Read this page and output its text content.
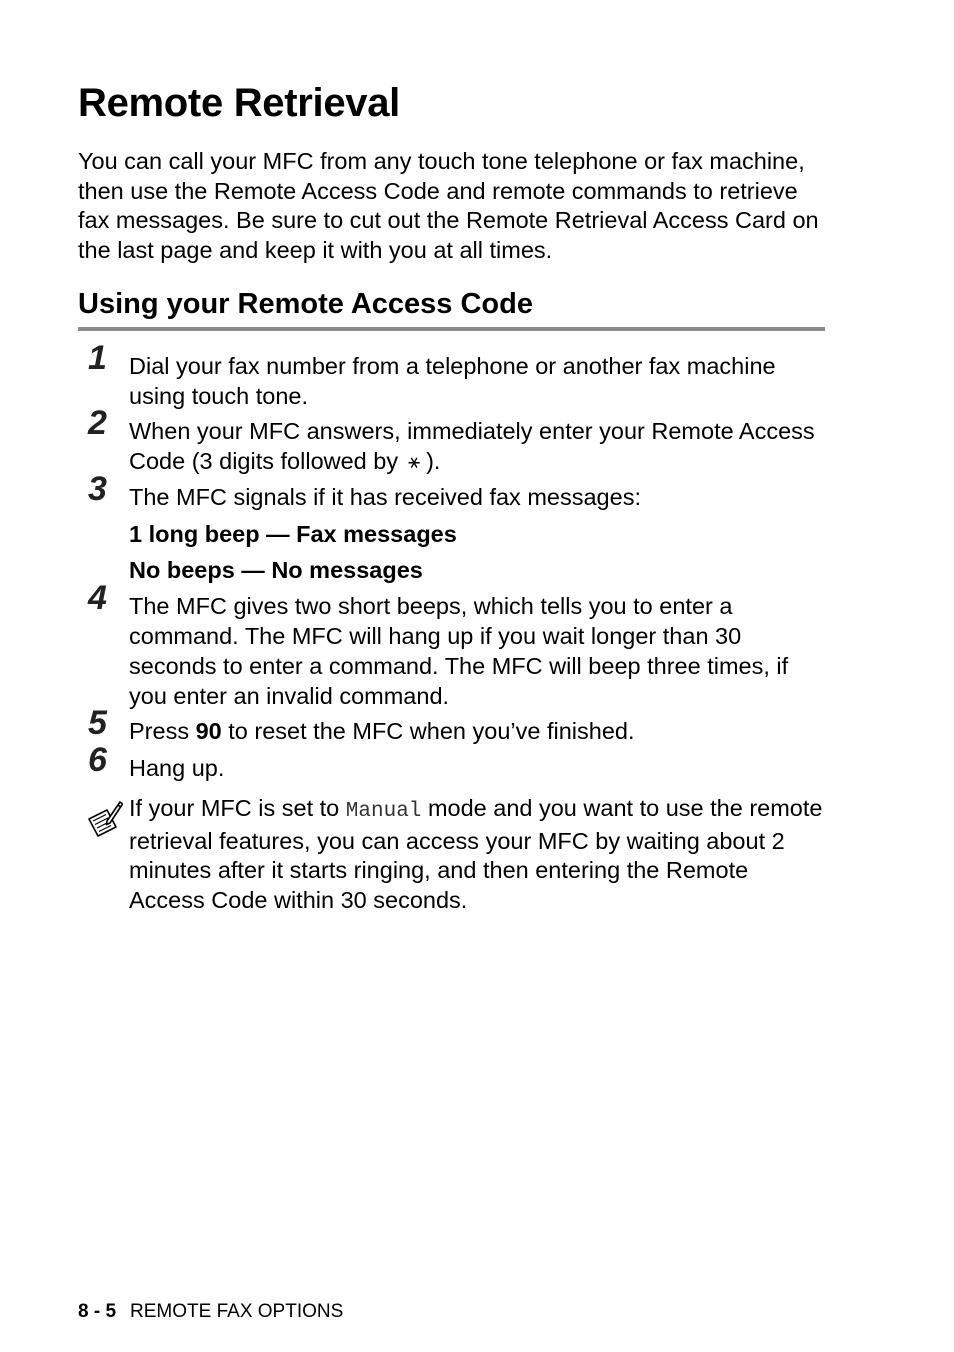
Remote Retrieval

You can call your MFC from any touch tone telephone or fax machine, then use the Remote Access Code and remote commands to retrieve fax messages. Be sure to cut out the Remote Retrieval Access Card on the last page and keep it with you at all times.

Using your Remote Access Code
1 Dial your fax number from a telephone or another fax machine using touch tone.

2 When your MFC answers, immediately enter your Remote Access Code (3 digits followed by ⚹ ).

3 The MFC signals if it has received fax messages:

1 long beep — Fax messages
No beeps — No messages
4 The MFC gives two short beeps, which tells you to enter a command. The MFC will hang up if you wait longer than 30 seconds to enter a command. The MFC will beep three times, if you enter an invalid command.

5 Press 90 to reset the MFC when you’ve finished.

6 Hang up.

If your MFC is set to Manual mode and you want to use the remote retrieval features, you can access your MFC by waiting about 2 minutes after it starts ringing, and then entering the Remote Access Code within 30 seconds.

8 - 5 REMOTE FAX OPTIONS
